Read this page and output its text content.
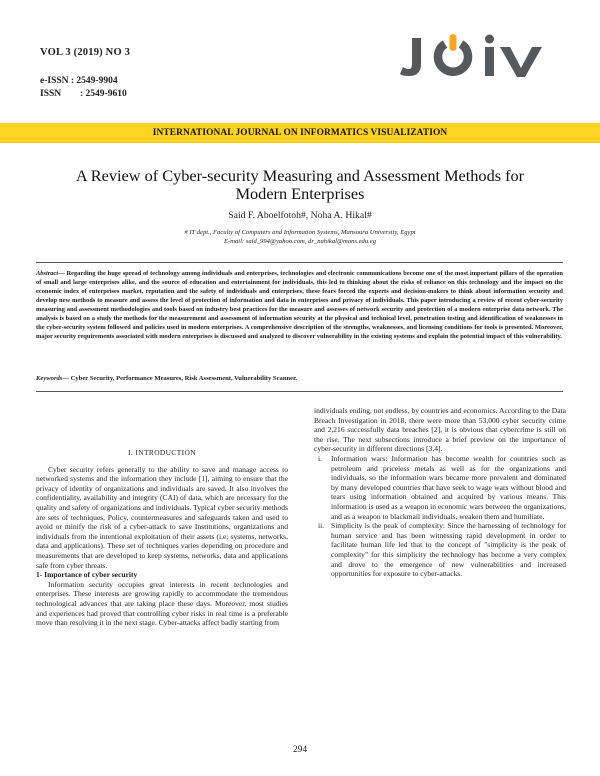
VOL 3 (2019) NO 3
e-ISSN : 2549-9904
ISSN : 2549-9610
INTERNATIONAL JOURNAL ON INFORMATICS VISUALIZATION
A Review of Cyber-security Measuring and Assessment Methods for
Modern Enterprises
Said F. Aboelfotoh#, Noha A. Hikal#
# IT dept., Faculty of Computers and Information Systems, Mansoura University, Egypt
E-mail: said_994@yahoo.com, dr_nahikal@mans.edu.eg
Abstract— Regarding the huge spread of technology among individuals and enterprises, technologies and electronic communications become one of the most important pillars of the operation of small and large enterprises alike, and the source of education and entertainment for individuals, this led to thinking about the risks of reliance on this technology and the impact on the economic index of enterprises market, reputation and the safety of individuals and enterprises, these fears forced the experts and decision-makers to think about information security and develop new methods to measure and assess the level of protection of information and data in enterprises and privacy of individuals. This paper introducing a review of recent cyber-security measuring and assessment methodologies and tools based on industry best practices for the measure and assesses of network security and protection of a modern enterprise data network. The analysis is based on a study the methods for the measurement and assessment of information security at the physical and technical level, penetration testing and identification of weaknesses in the cyber-security system followed and policies used in modern enterprises. A comprehensive description of the strengths, weaknesses, and licensing conditions for tools is presented. Moreover, major security requirements associated with modern enterprises is discussed and analyzed to discover vulnerability in the existing systems and explain the potential impact of this vulnerability.
Keywords— Cyber Security, Performance Measures, Risk Assessment, Vulnerability Scanner.

I. INTRODUCTION

Cyber security refers generally to the ability to save and manage access to networked systems and the information they include [1], aiming to ensure that the privacy of identity of organizations and individuals are saved. It also involves the confidentiality, availability and integrity (CAI) of data, which are necessary for the quality and safety of organizations and individuals. Typical cyber security methods are sets of techniques, Policy, countermeasures and safeguards taken and used to avoid or minify the risk of a cyber-attack to save Institutions, organizations and individuals from the intentional exploitation of their assets (i.e; systems, networks, data and applications). These set of techniques varies depending on procedure and measurements that are developed to keep systems, networks, data and applications safe from cyber threats.

1- Importance of cyber security

Information security occupies great interests in recent technologies and enterprises. These interests are growing rapidly to accommodate the tremendous technological advances that are taking place these days. Moreover, most studies and experiences had proved that controlling cyber risks in real time is a preferable move than resolving it in the next stage. Cyber-attacks affect badly starting from

individuals ending, not endless, by countries and economics. According to the Data Breach Investigation in 2018, there were more than 53,000 cyber security crime and 2,216 successfully data breaches [2], it is obvious that cybercrime is still on the rise. The next subsections introduce a brief preview on the importance of cyber-security in different directions [3,4].

i. Information wars: Information has become wealth for countries such as petroleum and priceless metals as well as for the organizations and individuals, so the information wars became more prevalent and dominated by many developed countries that have seek to wage wars without blood and tears using information obtained and acquired by various means. This information is used as a weapon in economic wars between the organizations, and as a weapon to blackmail individuals, weaken them and humiliate.
ii. Simplicity is the peak of complexity: Since the harnessing of technology for human service and has been witnessing rapid development in order to facilitate human life led that to the concept of "simplicity is the peak of complexity" for this simplicity the technology has become a very complex and drove to the emergence of new vulnerabilities and increased opportunities for exposure to cyber-attacks.
294
